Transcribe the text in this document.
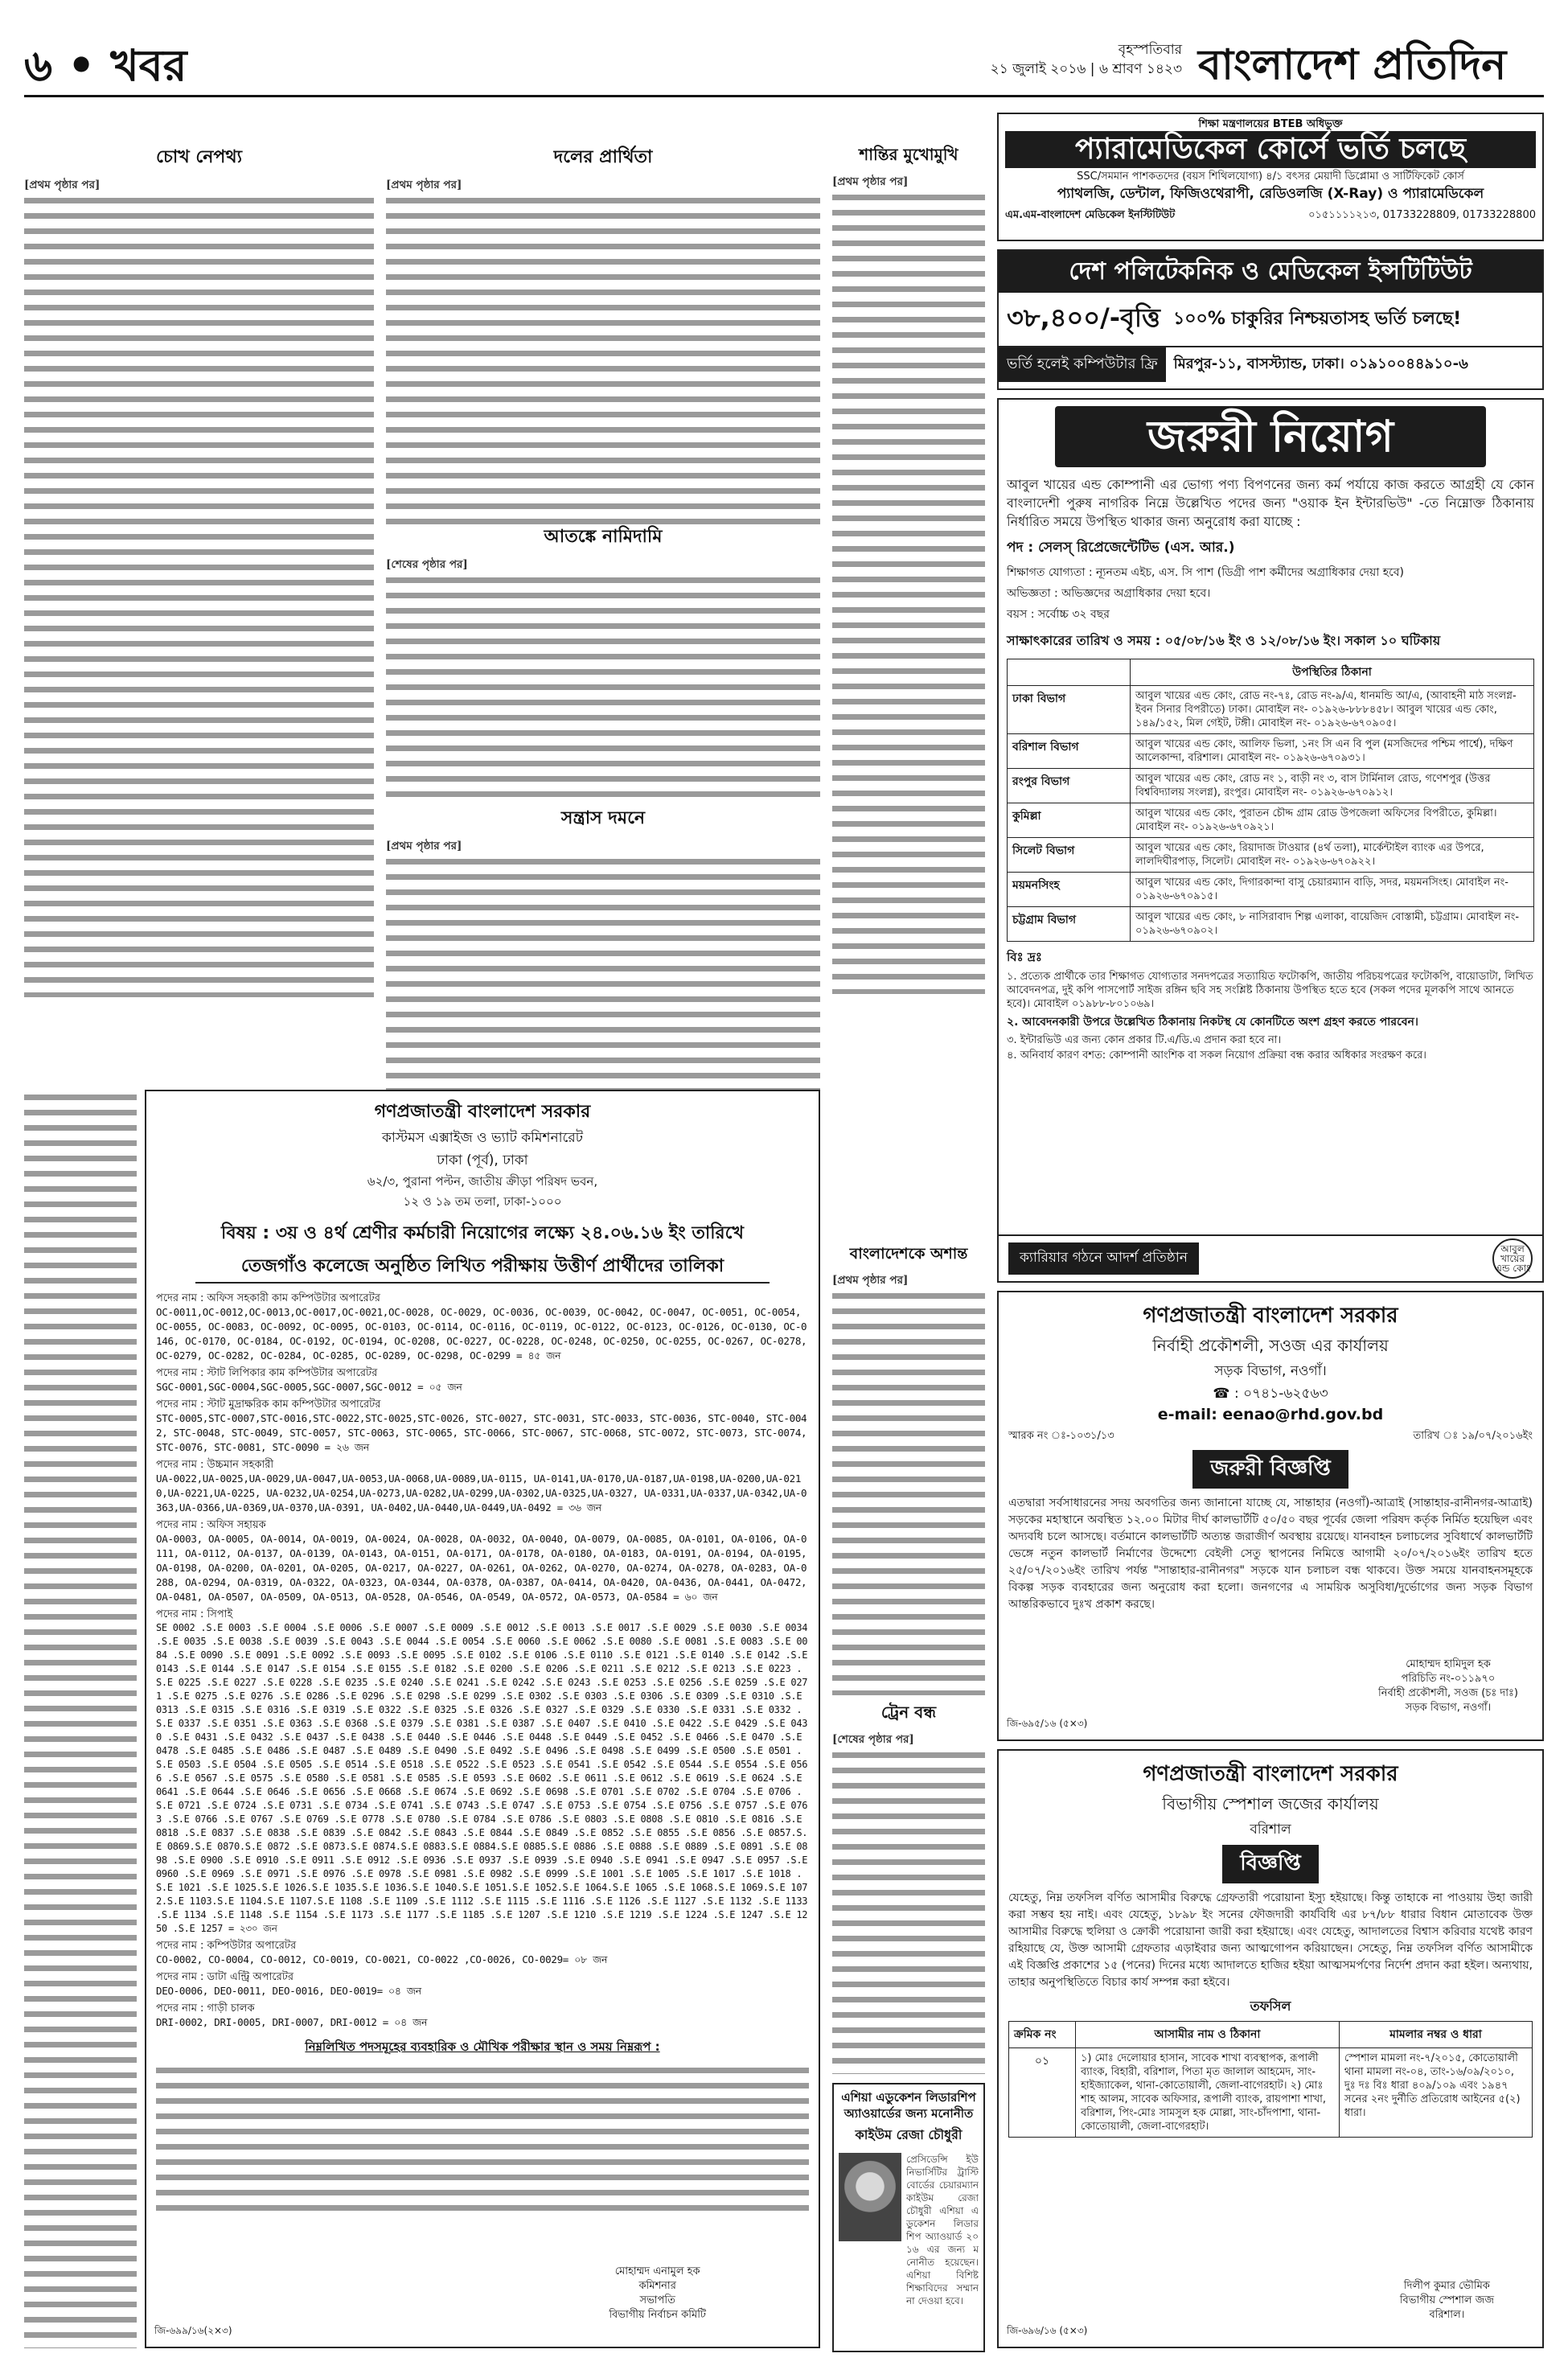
৬ • খবর	বৃহস্পতিবার
২১ জুলাই ২০১৬ | ৬ শ্রাবণ ১৪২৩ বাংলাদেশ প্রতিদিন
চোখ নেপথ্য
[প্রথম পৃষ্ঠার পর]
দলের প্রার্থিতা
[প্রথম পৃষ্ঠার পর]
আতঙ্কে নামিদামি
[শেষের পৃষ্ঠার পর]
সন্ত্রাস দমনে
[প্রথম পৃষ্ঠার পর]
শান্তির মুখোমুখি
[প্রথম পৃষ্ঠার পর]
বাংলাদেশকে অশান্ত
[প্রথম পৃষ্ঠার পর]
ট্রেন বন্ধ
[শেষের পৃষ্ঠার পর]
এশিয়া এডুকেশন লিডারশিপ অ্যাওয়ার্ডের জন্য মনোনীত
কাইউম রেজা চৌধুরী
প্রেসিডেন্সি ইউনিভার্সিটির ট্রাস্টি বোর্ডের চেয়ারম্যান কাইউম রেজা চৌধুরী এশিয়া এডুকেশন লিডারশিপ অ্যাওয়ার্ড ২০১৬ এর জন্য মনোনীত হয়েছেন। এশিয়া বিশিষ্ট শিক্ষাবিদের সম্মাননা দেওয়া হবে।
গণপ্রজাতন্ত্রী বাংলাদেশ সরকার
কাস্টমস এক্সাইজ ও ভ্যাট কমিশনারেট
ঢাকা (পূর্ব), ঢাকা
৬২/৩, পুরানা পল্টন, জাতীয় ক্রীড়া পরিষদ ভবন,
১২ ও ১৯ তম তলা, ঢাকা-১০০০
বিষয় : ৩য় ও ৪র্থ শ্রেণীর কর্মচারী নিয়োগের লক্ষ্যে ২৪.০৬.১৬ ইং তারিখে
তেজগাঁও কলেজে অনুষ্ঠিত লিখিত পরীক্ষায় উত্তীর্ণ প্রার্থীদের তালিকা
পদের নাম : অফিস সহকারী কাম কম্পিউটার অপারেটর
OC-0011,OC-0012,OC-0013,OC-0017,OC-0021,OC-0028, OC-0029, OC-0036, OC-0039, OC-0042, OC-0047, OC-0051, OC-0054, OC-0055, OC-0083, OC-0092, OC-0095, OC-0103, OC-0114, OC-0116, OC-0119, OC-0122, OC-0123, OC-0126, OC-0130, OC-0146, OC-0170, OC-0184, OC-0192, OC-0194, OC-0208, OC-0227, OC-0228, OC-0248, OC-0250, OC-0255, OC-0267, OC-0278, OC-0279, OC-0282, OC-0284, OC-0285, OC-0289, OC-0298, OC-0299 = ৪৫ জন
পদের নাম : স্টাট লিপিকার কাম কম্পিউটার অপারেটর
SGC-0001,SGC-0004,SGC-0005,SGC-0007,SGC-0012 = ০৫ জন
পদের নাম : স্টাট মুদ্রাক্ষরিক কাম কম্পিউটার অপারেটর
STC-0005,STC-0007,STC-0016,STC-0022,STC-0025,STC-0026, STC-0027, STC-0031, STC-0033, STC-0036, STC-0040, STC-0042, STC-0048, STC-0049, STC-0057, STC-0063, STC-0065, STC-0066, STC-0067, STC-0068, STC-0072, STC-0073, STC-0074, STC-0076, STC-0081, STC-0090 = ২৬ জন
পদের নাম : উচ্চমান সহকারী
UA-0022,UA-0025,UA-0029,UA-0047,UA-0053,UA-0068,UA-0089,UA-0115, UA-0141,UA-0170,UA-0187,UA-0198,UA-0200,UA-0210,UA-0221,UA-0225, UA-0232,UA-0254,UA-0273,UA-0282,UA-0299,UA-0302,UA-0325,UA-0327, UA-0331,UA-0337,UA-0342,UA-0363,UA-0366,UA-0369,UA-0370,UA-0391, UA-0402,UA-0440,UA-0449,UA-0492 = ৩৬ জন
পদের নাম : অফিস সহায়ক
OA-0003, OA-0005, OA-0014, OA-0019, OA-0024, OA-0028, OA-0032, OA-0040, OA-0079, OA-0085, OA-0101, OA-0106, OA-0111, OA-0112, OA-0137, OA-0139, OA-0143, OA-0151, OA-0171, OA-0178, OA-0180, OA-0183, OA-0191, OA-0194, OA-0195, OA-0198, OA-0200, OA-0201, OA-0205, OA-0217, OA-0227, OA-0261, OA-0262, OA-0270, OA-0274, OA-0278, OA-0283, OA-0288, OA-0294, OA-0319, OA-0322, OA-0323, OA-0344, OA-0378, OA-0387, OA-0414, OA-0420, OA-0436, OA-0441, OA-0472, OA-0481, OA-0507, OA-0509, OA-0513, OA-0528, OA-0546, OA-0549, OA-0572, OA-0573, OA-0584 = ৬০ জন
পদের নাম : সিপাই
SE 0002 .S.E 0003 .S.E 0004 .S.E 0006 .S.E 0007 .S.E 0009 .S.E 0012 .S.E 0013 .S.E 0017 .S.E 0029 .S.E 0030 .S.E 0034 .S.E 0035 .S.E 0038 .S.E 0039 .S.E 0043 .S.E 0044 .S.E 0054 .S.E 0060 .S.E 0062 .S.E 0080 .S.E 0081 .S.E 0083 .S.E 0084 .S.E 0090 .S.E 0091 .S.E 0092 .S.E 0093 .S.E 0095 .S.E 0102 .S.E 0106 .S.E 0110 .S.E 0121 .S.E 0140 .S.E 0142 .S.E 0143 .S.E 0144 .S.E 0147 .S.E 0154 .S.E 0155 .S.E 0182 .S.E 0200 .S.E 0206 .S.E 0211 .S.E 0212 .S.E 0213 .S.E 0223 .S.E 0225 .S.E 0227 .S.E 0228 .S.E 0235 .S.E 0240 .S.E 0241 .S.E 0242 .S.E 0243 .S.E 0253 .S.E 0256 .S.E 0259 .S.E 0271 .S.E 0275 .S.E 0276 .S.E 0286 .S.E 0296 .S.E 0298 .S.E 0299 .S.E 0302 .S.E 0303 .S.E 0306 .S.E 0309 .S.E 0310 .S.E 0313 .S.E 0315 .S.E 0316 .S.E 0319 .S.E 0322 .S.E 0325 .S.E 0326 .S.E 0327 .S.E 0329 .S.E 0330 .S.E 0331 .S.E 0332 .S.E 0337 .S.E 0351 .S.E 0363 .S.E 0368 .S.E 0379 .S.E 0381 .S.E 0387 .S.E 0407 .S.E 0410 .S.E 0422 .S.E 0429 .S.E 0430 .S.E 0431 .S.E 0432 .S.E 0437 .S.E 0438 .S.E 0440 .S.E 0446 .S.E 0448 .S.E 0449 .S.E 0452 .S.E 0466 .S.E 0470 .S.E 0478 .S.E 0485 .S.E 0486 .S.E 0487 .S.E 0489 .S.E 0490 .S.E 0492 .S.E 0496 .S.E 0498 .S.E 0499 .S.E 0500 .S.E 0501 .S.E 0503 .S.E 0504 .S.E 0505 .S.E 0514 .S.E 0518 .S.E 0522 .S.E 0523 .S.E 0541 .S.E 0542 .S.E 0544 .S.E 0554 .S.E 0566 .S.E 0567 .S.E 0575 .S.E 0580 .S.E 0581 .S.E 0585 .S.E 0593 .S.E 0602 .S.E 0611 .S.E 0612 .S.E 0619 .S.E 0624 .S.E 0641 .S.E 0644 .S.E 0646 .S.E 0656 .S.E 0668 .S.E 0674 .S.E 0692 .S.E 0698 .S.E 0701 .S.E 0702 .S.E 0704 .S.E 0706 .S.E 0721 .S.E 0724 .S.E 0731 .S.E 0734 .S.E 0741 .S.E 0743 .S.E 0747 .S.E 0753 .S.E 0754 .S.E 0756 .S.E 0757 .S.E 0763 .S.E 0766 .S.E 0767 .S.E 0769 .S.E 0778 .S.E 0780 .S.E 0784 .S.E 0786 .S.E 0803 .S.E 0808 .S.E 0810 .S.E 0816 .S.E 0818 .S.E 0837 .S.E 0838 .S.E 0839 .S.E 0842 .S.E 0843 .S.E 0844 .S.E 0849 .S.E 0852 .S.E 0855 .S.E 0856 .S.E 0857.S.E 0869.S.E 0870.S.E 0872 .S.E 0873.S.E 0874.S.E 0883.S.E 0884.S.E 0885.S.E 0886 .S.E 0888 .S.E 0889 .S.E 0891 .S.E 0898 .S.E 0900 .S.E 0910 .S.E 0911 .S.E 0912 .S.E 0936 .S.E 0937 .S.E 0939 .S.E 0940 .S.E 0941 .S.E 0947 .S.E 0957 .S.E 0960 .S.E 0969 .S.E 0971 .S.E 0976 .S.E 0978 .S.E 0981 .S.E 0982 .S.E 0999 .S.E 1001 .S.E 1005 .S.E 1017 .S.E 1018 .S.E 1021 .S.E 1025.S.E 1026.S.E 1035.S.E 1036.S.E 1040.S.E 1051.S.E 1052.S.E 1064.S.E 1065 .S.E 1068.S.E 1069.S.E 1072.S.E 1103.S.E 1104.S.E 1107.S.E 1108 .S.E 1109 .S.E 1112 .S.E 1115 .S.E 1116 .S.E 1126 .S.E 1127 .S.E 1132 .S.E 1133 .S.E 1134 .S.E 1148 .S.E 1154 .S.E 1173 .S.E 1177 .S.E 1185 .S.E 1207 .S.E 1210 .S.E 1219 .S.E 1224 .S.E 1247 .S.E 1250 .S.E 1257 = ২৩০ জন
পদের নাম : কম্পিউটার অপারেটর
CO-0002, CO-0004, CO-0012, CO-0019, CO-0021, CO-0022 ,CO-0026, CO-0029= ০৮ জন
পদের নাম : ডাটা এন্ট্রি অপারেটর
DEO-0006, DEO-0011, DEO-0016, DEO-0019= ০৪ জন
পদের নাম : গাড়ী চালক
DRI-0002, DRI-0005, DRI-0007, DRI-0012 = ০৪ জন
নিম্নলিখিত পদসমূহের ব্যবহারিক ও মৌখিক পরীক্ষার স্থান ও সময় নিম্নরূপ :
মোহাম্মদ এনামুল হক
কমিশনার
সভাপতি
বিভাগীয় নির্বাচন কমিটি
জি-৬৯৯/১৬(২×৩)
শিক্ষা মন্ত্রণালয়ের BTEB অধিভুক্ত
প্যারামেডিকেল কোর্সে ভর্তি চলছে
SSC/সমমান পাশকতদের (বয়স শিথিলযোগ্য) ৪/১ বৎসর মেয়াদী ডিপ্লোমা ও সার্টিফিকেট কোর্স
প্যাথলজি, ডেন্টাল, ফিজিওথেরাপী, রেডিওলজি (X-Ray) ও প্যারামেডিকেল
এম.এম-বাংলাদেশ মেডিকেল ইনস্টিটিউট	০১৫১১১১২১৩, 01733228809, 01733228800
দেশ পলিটেকনিক ও মেডিকেল ইন্সটিটিউট
৩৮,৪০০/-বৃত্তি ১০০% চাকুরির নিশ্চয়তাসহ ভর্তি চলছে!
ভর্তি হলেই কম্পিউটার ফ্রি	মিরপুর-১১, বাসস্ট্যান্ড, ঢাকা। ০১৯১০০৪৪৯১০-৬
জরুরী নিয়োগ
আবুল খায়ের এন্ড কোম্পানী এর ভোগ্য পণ্য বিপণনের জন্য কর্ম পর্যায়ে কাজ করতে আগ্রহী যে কোন বাংলাদেশী পুরুষ নাগরিক নিম্নে উল্লেখিত পদের জন্য "ওয়াক ইন ইন্টারভিউ" -তে নিম্নোক্ত ঠিকানায় নির্ধারিত সময়ে উপস্থিত থাকার জন্য অনুরোধ করা যাচ্ছে :
পদ : সেলস্ রিপ্রেজেন্টেটিভ (এস. আর.)
শিক্ষাগত যোগ্যতা : ন্যূনতম এইচ, এস. সি পাশ (ডিগ্রী পাশ কর্মীদের অগ্রাধিকার দেয়া হবে)
অভিজ্ঞতা : অভিজ্ঞদের অগ্রাধিকার দেয়া হবে।
বয়স : সর্বোচ্চ ৩২ বছর
সাক্ষাৎকারের তারিখ ও সময় : ০৫/০৮/১৬ ইং ও ১২/০৮/১৬ ইং। সকাল ১০ ঘটিকায়
	উপস্থিতির ঠিকানা
ঢাকা বিভাগ	আবুল খায়ের এন্ড কোং, রোড নং-৭ঃ, রোড নং-৯/এ, ধানমন্ডি আ/এ, (আবাহনী মাঠ সংলগ্ন- ইবন সিনার বিপরীতে) ঢাকা। মোবাইল নং- ০১৯২৬-৮৮৮৪৫৮। আবুল খায়ের এন্ড কোং, ১৪৯/১৫২, মিল গেইট, টঙ্গী। মোবাইল নং- ০১৯২৬-৬৭০৯০৫।
বরিশাল বিভাগ	আবুল খায়ের এন্ড কোং, আলিফ ভিলা, ১নং সি এন বি পুল (মসজিদের পশ্চিম পার্শ্বে), দক্ষিণ আলেকান্দা, বরিশাল। মোবাইল নং- ০১৯২৬-৬৭০৯৩১।
রংপুর বিভাগ	আবুল খায়ের এন্ড কোং, রোড নং ১, বাড়ী নং ৩, বাস টার্মিনাল রোড, গণেশপুর (উত্তর বিশ্ববিদ্যালয় সংলগ্ন), রংপুর। মোবাইল নং- ০১৯২৬-৬৭০৯১২।
কুমিল্লা	আবুল খায়ের এন্ড কোং, পুরাতন চৌদ্দ গ্রাম রোড উপজেলা অফিসের বিপরীতে, কুমিল্লা। মোবাইল নং- ০১৯২৬-৬৭০৯২১।
সিলেট বিভাগ	আবুল খায়ের এন্ড কোং, রিয়াদাজ টাওয়ার (৪র্থ তলা), মার্কেন্টাইল ব্যাংক এর উপরে, লালদিঘীরপাড়, সিলেট। মোবাইল নং- ০১৯২৬-৬৭০৯২২।
ময়মনসিংহ	আবুল খায়ের এন্ড কোং, দিগারকান্দা বাসু চেয়ারম্যান বাড়ি, সদর, ময়মনসিংহ। মোবাইল নং- ০১৯২৬-৬৭০৯১৫।
চট্টগ্রাম বিভাগ	আবুল খায়ের এন্ড কোং, ৮ নাসিরাবাদ শিল্প এলাকা, বায়েজিদ বোস্তামী, চট্টগ্রাম। মোবাইল নং- ০১৯২৬-৬৭০৯০২।
বিঃ দ্রঃ
১. প্রত্যেক প্রার্থীকে তার শিক্ষাগত যোগ্যতার সনদপত্রের সত্যায়িত ফটোকপি, জাতীয় পরিচয়পত্রের ফটোকপি, বায়োডাটা, লিখিত আবেদনপত্র, দুই কপি পাসপোর্ট সাইজ রঙ্গিন ছবি সহ সংশ্লিষ্ট ঠিকানায় উপস্থিত হতে হবে (সকল পদের মূলকপি সাথে আনতে হবে)। মোবাইল ০১৯৮৮-৮০১০৬৯।
২. আবেদনকারী উপরে উল্লেখিত ঠিকানায় নিকটস্থ যে কোনটিতে অংশ গ্রহণ করতে পারবেন।
৩. ইন্টারভিউ এর জন্য কোন প্রকার টি.এ/ডি.এ প্রদান করা হবে না।
৪. অনিবার্য কারণ বশত: কোম্পানী আংশিক বা সকল নিয়োগ প্রক্রিয়া বন্ধ করার অধিকার সংরক্ষণ করে।
ক্যারিয়ার গঠনে আদর্শ প্রতিষ্ঠান
আবুল খায়ের এন্ড কোং
গণপ্রজাতন্ত্রী বাংলাদেশ সরকার
নির্বাহী প্রকৌশলী, সওজ এর কার্যালয়
সড়ক বিভাগ, নওগাঁ।
☎ : ০৭৪১-৬২৫৬৩
e-mail: eenao@rhd.gov.bd
স্মারক নং ঃ-১০৩১/১৩	তারিখ ঃ ১৯/০৭/২০১৬ইং
জরুরী বিজ্ঞপ্তি
এতদ্বারা সর্বসাধারনের সদয় অবগতির জন্য জানানো যাচ্ছে যে, সান্তাহার (নওগাঁ)-আত্রাই (সান্তাহার-রানীনগর-আত্রাই) সড়কের মহাস্থানে অবস্থিত ১২.০০ মিটার দীর্ঘ কালভার্টটি ৫০/৫০ বছর পূর্বের জেলা পরিষদ কর্তৃক নির্মিত হয়েছিল এবং অদ্যবধি চলে আসছে। বর্তমানে কালভার্টটি অত্যন্ত জরাজীর্ণ অবস্থায় রয়েছে। যানবাহন চলাচলের সুবিধার্থে কালভার্টটি ভেঙ্গে নতুন কালভার্ট নির্মাণের উদ্দেশ্যে বেইলী সেতু স্থাপনের নিমিত্তে আগামী ২০/০৭/২০১৬ইং তারিখ হতে ২৫/০৭/২০১৬ইং তারিখ পর্যন্ত "সান্তাহার-রানীনগর" সড়কে যান চলাচল বন্ধ থাকবে। উক্ত সময়ে যানবাহনসমূহকে বিকল্প সড়ক ব্যবহারের জন্য অনুরোধ করা হলো। জনগণের এ সাময়িক অসুবিধা/দুর্ভোগের জন্য সড়ক বিভাগ আন্তরিকভাবে দুঃখ প্রকাশ করছে।
মোহাম্মদ হামিদুল হক
পরিচিতি নং-০১১৯৭০
নির্বাহী প্রকৌশলী, সওজ (চঃ দাঃ)
সড়ক বিভাগ, নওগাঁ।
জি-৬৯৫/১৬ (৫×৩)
গণপ্রজাতন্ত্রী বাংলাদেশ সরকার
বিভাগীয় স্পেশাল জজের কার্যালয়
বরিশাল
বিজ্ঞপ্তি
যেহেতু, নিম্ন তফসিল বর্ণিত আসামীর বিরুদ্ধে গ্রেফতারী পরোয়ানা ইস্যু হইয়াছে। কিন্তু তাহাকে না পাওয়ায় উহা জারী করা সম্ভব হয় নাই। এবং যেহেতু, ১৮৯৮ ইং সনের ফৌজদারী কার্যবিধি এর ৮৭/৮৮ ধারার বিধান মোতাবেক উক্ত আসামীর বিরুদ্ধে হুলিয়া ও ক্রোকী পরোয়ানা জারী করা হইয়াছে। এবং যেহেতু, আদালতের বিশ্বাস করিবার যথেষ্ট কারণ রহিয়াছে যে, উক্ত আসামী গ্রেফতার এড়াইবার জন্য আত্মগোপন করিয়াছেন। সেহেতু, নিম্ন তফসিল বর্ণিত আসামীকে এই বিজ্ঞপ্তি প্রকাশের ১৫ (পনের) দিনের মধ্যে আদালতে হাজির হইয়া আত্মসমর্পণের নির্দেশ প্রদান করা হইল। অন্যথায়, তাহার অনুপস্থিতিতে বিচার কার্য সম্পন্ন করা হইবে।
তফসিল
ক্রমিক নং	আসামীর নাম ও ঠিকানা	মামলার নম্বর ও ধারা
০১	১) মোঃ দেলোয়ার হাসান, সাবেক শাখা ব্যবস্থাপক, রূপালী ব্যাংক, বিহারী, বরিশাল, পিতা মৃত জালাল আহমেদ, সাং-হাইজ্যাকেল, থানা-কোতোয়ালী, জেলা-বাগেরহাট। ২) মোঃ শাহ আলম, সাবেক অফিসার, রূপালী ব্যাংক, রায়পাশা শাখা, বরিশাল, পিং-মোঃ সামসুল হক মোল্লা, সাং-চাঁদপাশা, থানা-কোতোয়ালী, জেলা-বাগেরহাট।	স্পেশাল মামলা নং-৭/২০১৫, কোতোয়ালী থানা মামলা নং-০৪, তাং-১৬/০৯/২০১০, দুঃ দঃ বিঃ ধারা ৪০৯/১০৯ এবং ১৯৪৭ সনের ২নং দুর্নীতি প্রতিরোধ আইনের ৫(২) ধারা।
দিলীপ কুমার ভৌমিক
বিভাগীয় স্পেশাল জজ
বরিশাল।
জি-৬৯৬/১৬ (৫×৩)
